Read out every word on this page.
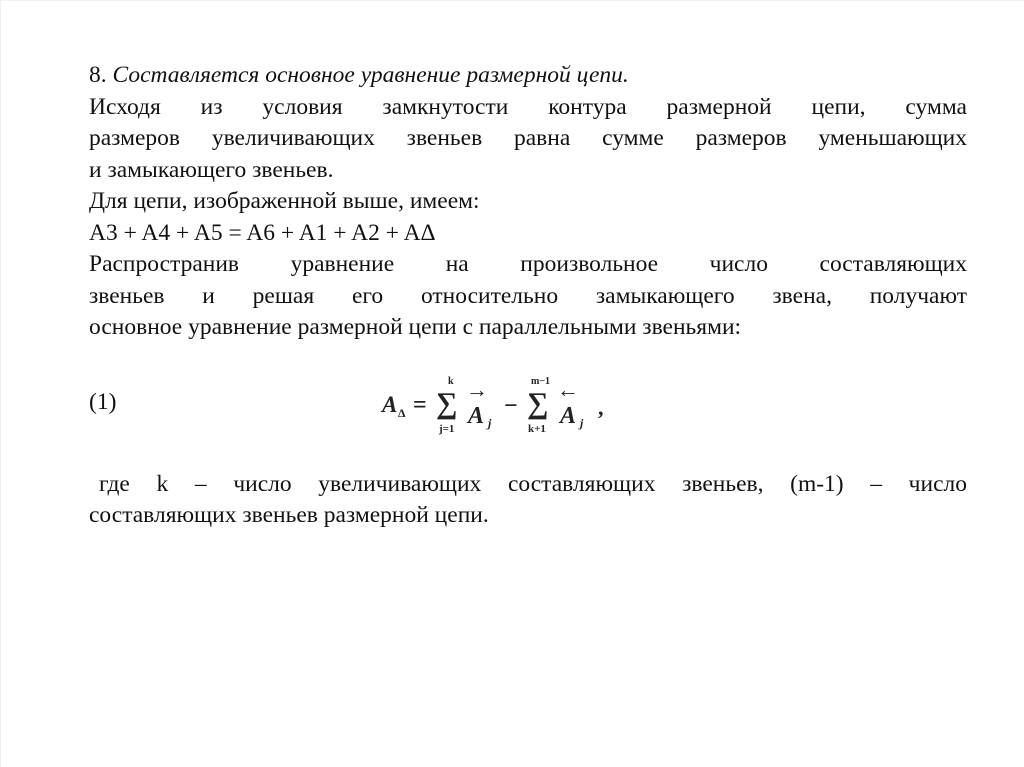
8. Составляется основное уравнение размерной цепи.
Исходя из условия замкнутости контура размерной цепи, сумма
размеров увеличивающих звеньев равна сумме размеров уменьшающих
и замыкающего звеньев.
Для цепи, изображенной выше, имеем:
A3 + A4 + A5 = A6 + A1 + A2 + AΔ
Распространив уравнение на произвольное число составляющих
звеньев и решая его относительно замыкающего звена, получают
основное уравнение размерной цепи с параллельными звеньями:
(1)	A Δ =
k
∑
j=1
→
A j
−
m−1
∑
k+1
←
A j
,
где k – число увеличивающих составляющих звеньев, (m-1) – число
составляющих звеньев размерной цепи.
